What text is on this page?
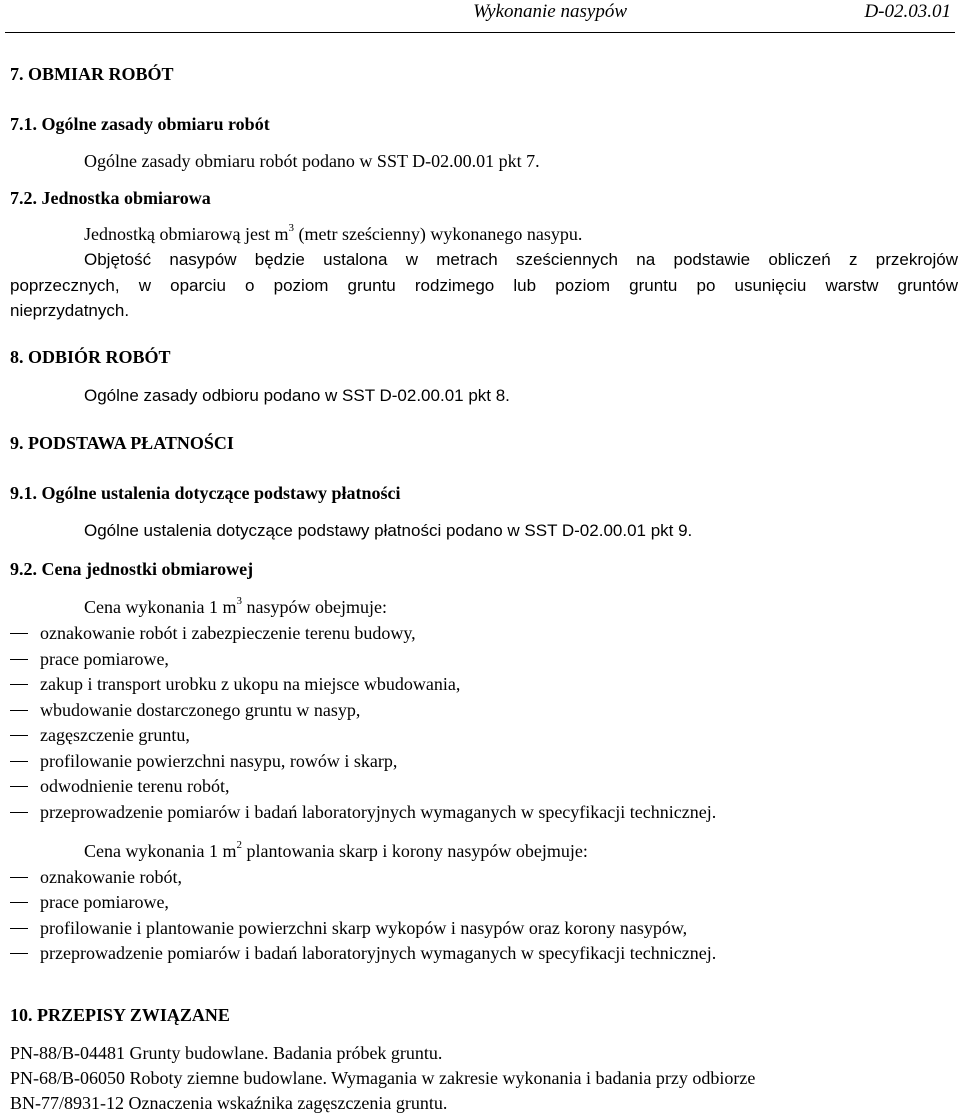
Wykonanie nasypów	D-02.03.01
7. OBMIAR ROBÓT
7.1. Ogólne zasady obmiaru robót
Ogólne zasady obmiaru robót podano w SST D-02.00.01 pkt 7.
7.2. Jednostka obmiarowa
Jednostką obmiarową jest $m^3$ (metr sześcienny) wykonanego nasypu.
Objętość nasypów będzie ustalona w metrach sześciennych na podstawie obliczeń z przekrojów
poprzecznych, w oparciu o poziom gruntu rodzimego lub poziom gruntu po usunięciu warstw gruntów
nieprzydatnych.
8. ODBIÓR ROBÓT
Ogólne zasady odbioru podano w SST D-02.00.01 pkt 8.
9. PODSTAWA PŁATNOŚCI
9.1. Ogólne ustalenia dotyczące podstawy płatności
Ogólne ustalenia dotyczące podstawy płatności podano w SST D-02.00.01 pkt 9.
9.2. Cena jednostki obmiarowej
Cena wykonania 1 $m^3$ nasypów obejmuje:
oznakowanie robót i zabezpieczenie terenu budowy,
prace pomiarowe,
zakup i transport urobku z ukopu na miejsce wbudowania,
wbudowanie dostarczonego gruntu w nasyp,
zagęszczenie gruntu,
profilowanie powierzchni nasypu, rowów i skarp,
odwodnienie terenu robót,
przeprowadzenie pomiarów i badań laboratoryjnych wymaganych w specyfikacji technicznej.
Cena wykonania 1 $m^2$ plantowania skarp i korony nasypów obejmuje:
oznakowanie robót,
prace pomiarowe,
profilowanie i plantowanie powierzchni skarp wykopów i nasypów oraz korony nasypów,
przeprowadzenie pomiarów i badań laboratoryjnych wymaganych w specyfikacji technicznej.
10. PRZEPISY ZWIĄZANE
PN-88/B-04481 Grunty budowlane. Badania próbek gruntu.
PN-68/B-06050 Roboty ziemne budowlane. Wymagania w zakresie wykonania i badania przy odbiorze
BN-77/8931-12 Oznaczenia wskaźnika zagęszczenia gruntu.
